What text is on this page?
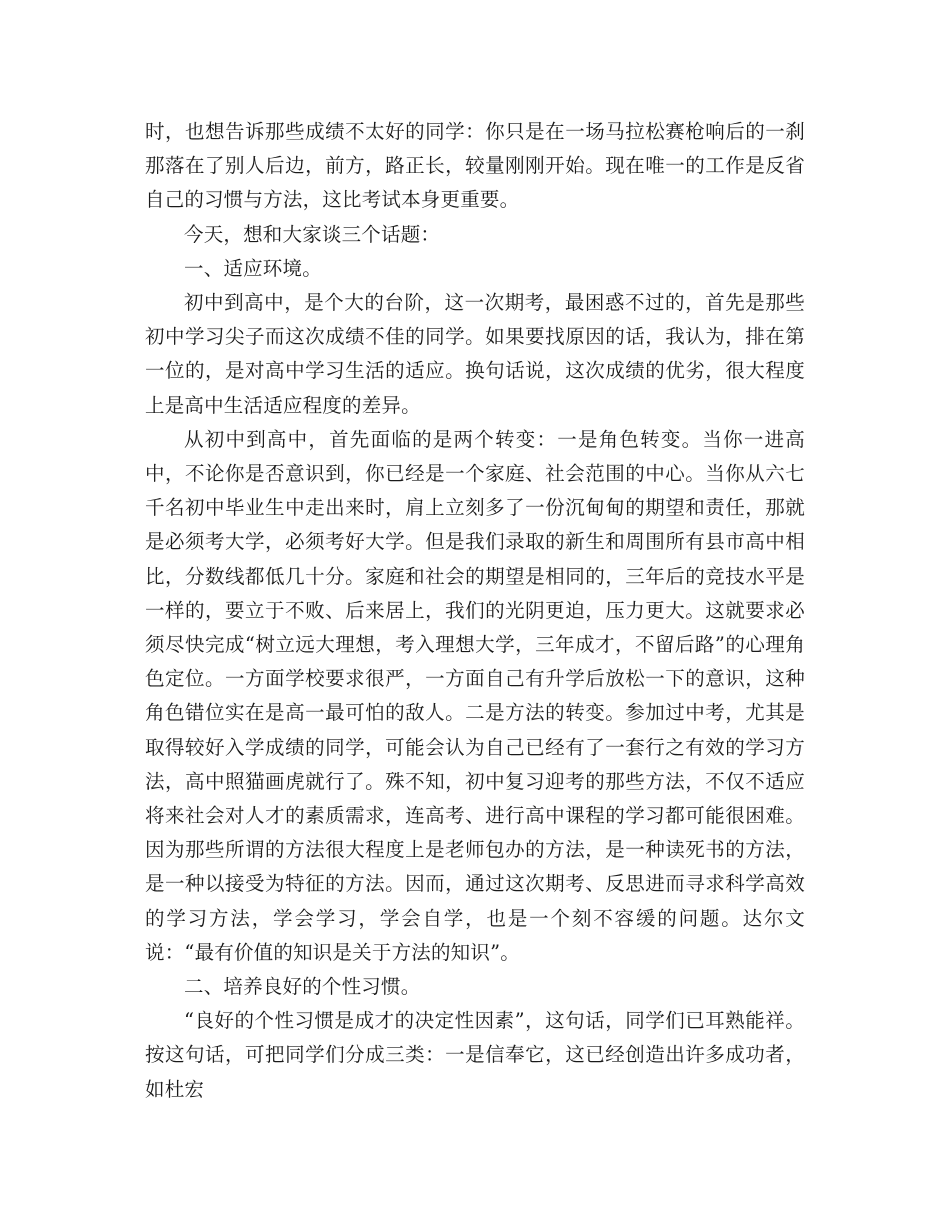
时，也想告诉那些成绩不太好的同学：你只是在一场马拉松赛枪响后的一刹那落在了别人后边，前方，路正长，较量刚刚开始。现在唯一的工作是反省自己的习惯与方法，这比考试本身更重要。

今天，想和大家谈三个话题：

一、适应环境。

初中到高中，是个大的台阶，这一次期考，最困惑不过的，首先是那些初中学习尖子而这次成绩不佳的同学。如果要找原因的话，我认为，排在第一位的，是对高中学习生活的适应。换句话说，这次成绩的优劣，很大程度上是高中生活适应程度的差异。

从初中到高中，首先面临的是两个转变：一是角色转变。当你一进高中，不论你是否意识到，你已经是一个家庭、社会范围的中心。当你从六七千名初中毕业生中走出来时，肩上立刻多了一份沉甸甸的期望和责任，那就是必须考大学，必须考好大学。但是我们录取的新生和周围所有县市高中相比，分数线都低几十分。家庭和社会的期望是相同的，三年后的竞技水平是一样的，要立于不败、后来居上，我们的光阴更迫，压力更大。这就要求必须尽快完成“树立远大理想，考入理想大学，三年成才，不留后路”的心理角色定位。一方面学校要求很严，一方面自己有升学后放松一下的意识，这种角色错位实在是高一最可怕的敌人。二是方法的转变。参加过中考，尤其是取得较好入学成绩的同学，可能会认为自己已经有了一套行之有效的学习方法，高中照猫画虎就行了。殊不知，初中复习迎考的那些方法，不仅不适应将来社会对人才的素质需求，连高考、进行高中课程的学习都可能很困难。因为那些所谓的方法很大程度上是老师包办的方法，是一种读死书的方法，是一种以接受为特征的方法。因而，通过这次期考、反思进而寻求科学高效的学习方法，学会学习，学会自学，也是一个刻不容缓的问题。达尔文说：“最有价值的知识是关于方法的知识”。

二、培养良好的个性习惯。

“良好的个性习惯是成才的决定性因素”，这句话，同学们已耳熟能祥。按这句话，可把同学们分成三类：一是信奉它，这已经创造出许多成功者，如杜宏
